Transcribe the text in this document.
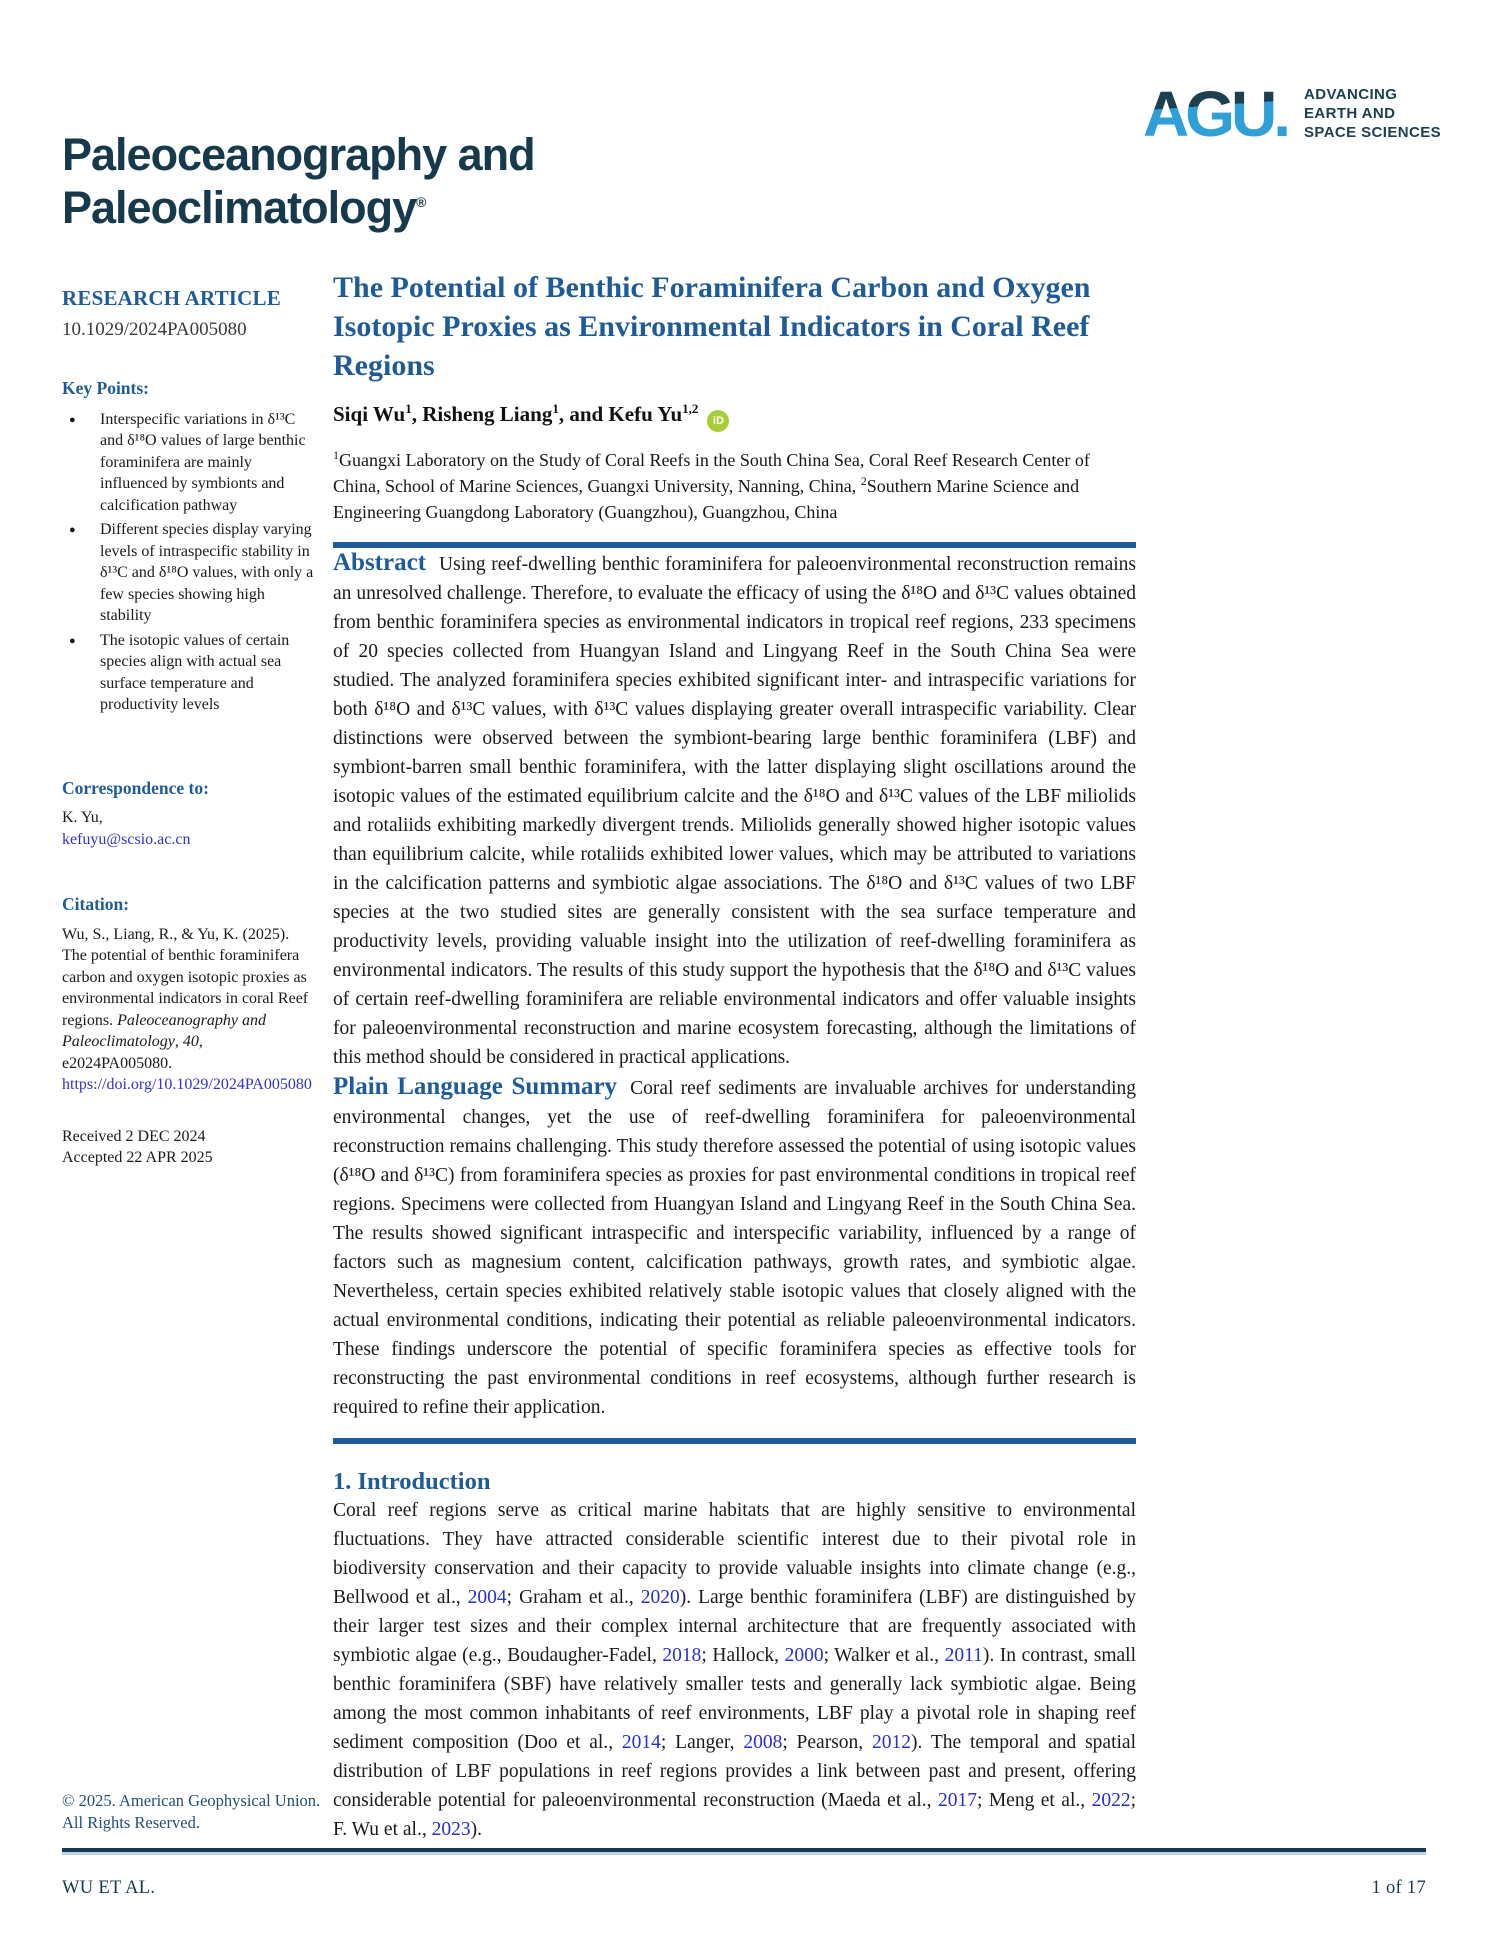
Paleoceanography and
Paleoclimatology®
AGU. ADVANCING
EARTH AND
SPACE SCIENCES
RESEARCH ARTICLE
10.1029/2024PA005080
Key Points:
● Interspecific variations in δ¹³C and δ¹⁸O values of large benthic foraminifera are mainly influenced by symbionts and calcification pathway
● Different species display varying levels of intraspecific stability in δ¹³C and δ¹⁸O values, with only a few species showing high stability
● The isotopic values of certain species align with actual sea surface temperature and productivity levels
Correspondence to:
K. Yu,
kefuyu@scsio.ac.cn
Citation:
Wu, S., Liang, R., & Yu, K. (2025). The potential of benthic foraminifera carbon and oxygen isotopic proxies as environmental indicators in coral Reef regions. Paleoceanography and Paleoclimatology, 40, e2024PA005080. https://doi.org/10.1029/2024PA005080
Received 2 DEC 2024
Accepted 22 APR 2025
© 2025. American Geophysical Union. All Rights Reserved.
The Potential of Benthic Foraminifera Carbon and Oxygen Isotopic Proxies as Environmental Indicators in Coral Reef Regions
Siqi Wu$^1$, Risheng Liang$^1$, and Kefu Yu$^{1,2}$iD
$^1$Guangxi Laboratory on the Study of Coral Reefs in the South China Sea, Coral Reef Research Center of China, School of Marine Sciences, Guangxi University, Nanning, China, $^2$Southern Marine Science and Engineering Guangdong Laboratory (Guangzhou), Guangzhou, China

Abstract Using reef-dwelling benthic foraminifera for paleoenvironmental reconstruction remains an unresolved challenge. Therefore, to evaluate the efficacy of using the δ¹⁸O and δ¹³C values obtained from benthic foraminifera species as environmental indicators in tropical reef regions, 233 specimens of 20 species collected from Huangyan Island and Lingyang Reef in the South China Sea were studied. The analyzed foraminifera species exhibited significant inter- and intraspecific variations for both δ¹⁸O and δ¹³C values, with δ¹³C values displaying greater overall intraspecific variability. Clear distinctions were observed between the symbiont-bearing large benthic foraminifera (LBF) and symbiont-barren small benthic foraminifera, with the latter displaying slight oscillations around the isotopic values of the estimated equilibrium calcite and the δ¹⁸O and δ¹³C values of the LBF miliolids and rotaliids exhibiting markedly divergent trends. Miliolids generally showed higher isotopic values than equilibrium calcite, while rotaliids exhibited lower values, which may be attributed to variations in the calcification patterns and symbiotic algae associations. The δ¹⁸O and δ¹³C values of two LBF species at the two studied sites are generally consistent with the sea surface temperature and productivity levels, providing valuable insight into the utilization of reef-dwelling foraminifera as environmental indicators. The results of this study support the hypothesis that the δ¹⁸O and δ¹³C values of certain reef-dwelling foraminifera are reliable environmental indicators and offer valuable insights for paleoenvironmental reconstruction and marine ecosystem forecasting, although the limitations of this method should be considered in practical applications.

Plain Language Summary Coral reef sediments are invaluable archives for understanding environmental changes, yet the use of reef-dwelling foraminifera for paleoenvironmental reconstruction remains challenging. This study therefore assessed the potential of using isotopic values (δ¹⁸O and δ¹³C) from foraminifera species as proxies for past environmental conditions in tropical reef regions. Specimens were collected from Huangyan Island and Lingyang Reef in the South China Sea. The results showed significant intraspecific and interspecific variability, influenced by a range of factors such as magnesium content, calcification pathways, growth rates, and symbiotic algae. Nevertheless, certain species exhibited relatively stable isotopic values that closely aligned with the actual environmental conditions, indicating their potential as reliable paleoenvironmental indicators. These findings underscore the potential of specific foraminifera species as effective tools for reconstructing the past environmental conditions in reef ecosystems, although further research is required to refine their application.

1. Introduction

Coral reef regions serve as critical marine habitats that are highly sensitive to environmental fluctuations. They have attracted considerable scientific interest due to their pivotal role in biodiversity conservation and their capacity to provide valuable insights into climate change (e.g., Bellwood et al., 2004; Graham et al., 2020). Large benthic foraminifera (LBF) are distinguished by their larger test sizes and their complex internal architecture that are frequently associated with symbiotic algae (e.g., Boudaugher-Fadel, 2018; Hallock, 2000; Walker et al., 2011). In contrast, small benthic foraminifera (SBF) have relatively smaller tests and generally lack symbiotic algae. Being among the most common inhabitants of reef environments, LBF play a pivotal role in shaping reef sediment composition (Doo et al., 2014; Langer, 2008; Pearson, 2012). The temporal and spatial distribution of LBF populations in reef regions provides a link between past and present, offering considerable potential for paleoenvironmental reconstruction (Maeda et al., 2017; Meng et al., 2022; F. Wu et al., 2023).

WU ET AL.	1 of 17
